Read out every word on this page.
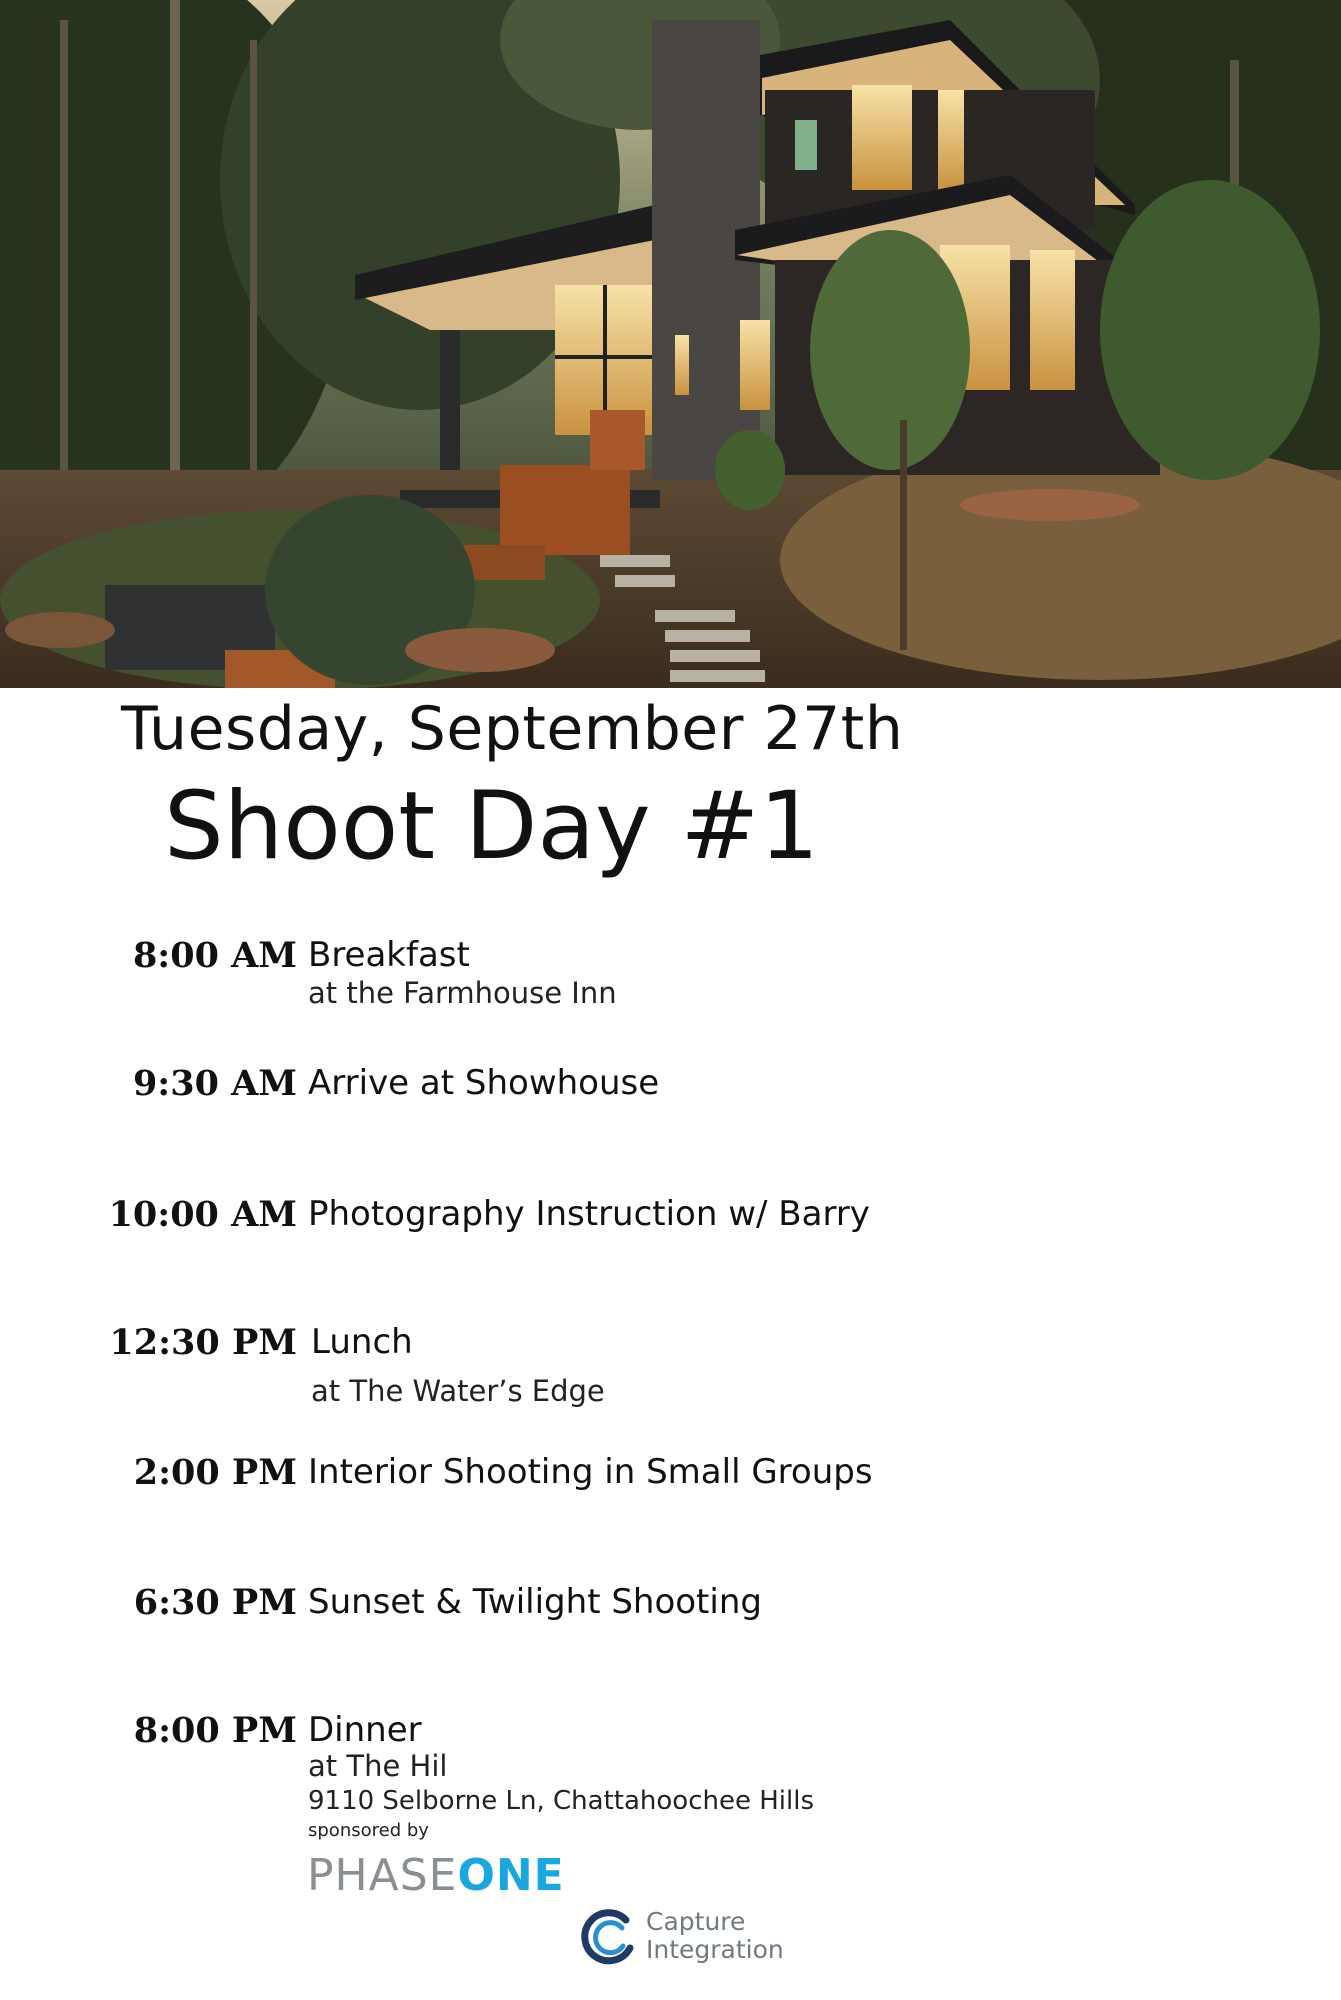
Tuesday, September 27th
Shoot Day #1
8:00 AM Breakfast
at the Farmhouse Inn
9:30 AM Arrive at Showhouse
10:00 AM Photography Instruction w/ Barry
12:30 PM Lunch
at The Water’s Edge
2:00 PM Interior Shooting in Small Groups
6:30 PM Sunset & Twilight Shooting
8:00 PM Dinner
at The Hil
9110 Selborne Ln, Chattahoochee Hills
sponsored by
PHASEONE
Capture
Integration
